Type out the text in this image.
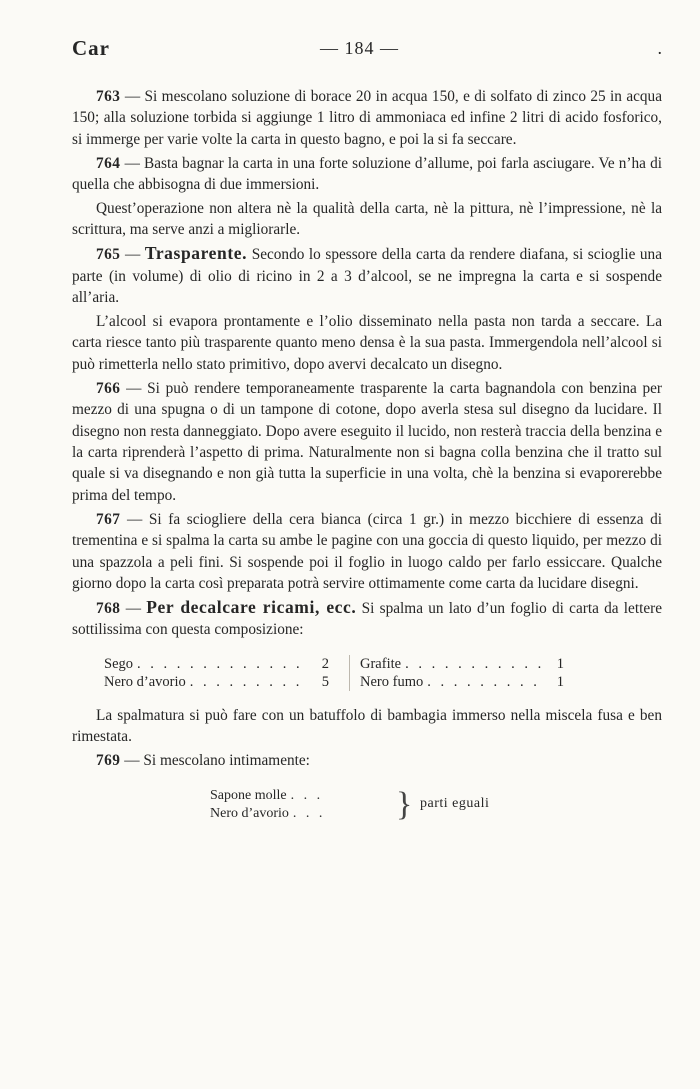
Car	— 184 —	.

763 — Si mescolano soluzione di borace 20 in acqua 150, e di solfato di zinco 25 in acqua 150; alla soluzione torbida si aggiunge 1 litro di ammoniaca ed infine 2 litri di acido fosforico, si immerge per varie volte la carta in questo bagno, e poi la si fa seccare.

764 — Basta bagnar la carta in una forte soluzione d’allume, poi farla asciugare. Ve n’ha di quella che abbisogna di due immersioni.

Quest’operazione non altera nè la qualità della carta, nè la pittura, nè l’impressione, nè la scrittura, ma serve anzi a migliorarle.

765 — Trasparente. Secondo lo spessore della carta da rendere diafana, si scioglie una parte (in volume) di olio di ricino in 2 a 3 d’alcool, se ne impregna la carta e si sospende all’aria.

L’alcool si evapora prontamente e l’olio disseminato nella pasta non tarda a seccare. La carta riesce tanto più trasparente quanto meno densa è la sua pasta. Immergendola nell’alcool si può rimetterla nello stato primitivo, dopo avervi decalcato un disegno.

766 — Si può rendere temporaneamente trasparente la carta bagnandola con benzina per mezzo di una spugna o di un tampone di cotone, dopo averla stesa sul disegno da lucidare. Il disegno non resta danneggiato. Dopo avere eseguito il lucido, non resterà traccia della benzina e la carta riprenderà l’aspetto di prima. Naturalmente non si bagna colla benzina che il tratto sul quale si va disegnando e non già tutta la superficie in una volta, chè la benzina si evaporerebbe prima del tempo.

767 — Si fa sciogliere della cera bianca (circa 1 gr.) in mezzo bicchiere di essenza di trementina e si spalma la carta su ambe le pagine con una goccia di questo liquido, per mezzo di una spazzola a peli fini. Si sospende poi il foglio in luogo caldo per farlo essiccare. Qualche giorno dopo la carta così preparata potrà servire ottimamente come carta da lucidare disegni.

768 — Per decalcare ricami, ecc. Si spalma un lato d’un foglio di carta da lettere sottilissima con questa composizione:

Sego . . .	2 Grafite . . .	1
Nero d’avorio . . .	5 Nero fumo . . .	1

La spalmatura si può fare con un batuffolo di bambagia immerso nella miscela fusa e ben rimestata.

769 — Si mescolano intimamente:

Sapone molle . . .
Nero d’avorio . . . } parti eguali
